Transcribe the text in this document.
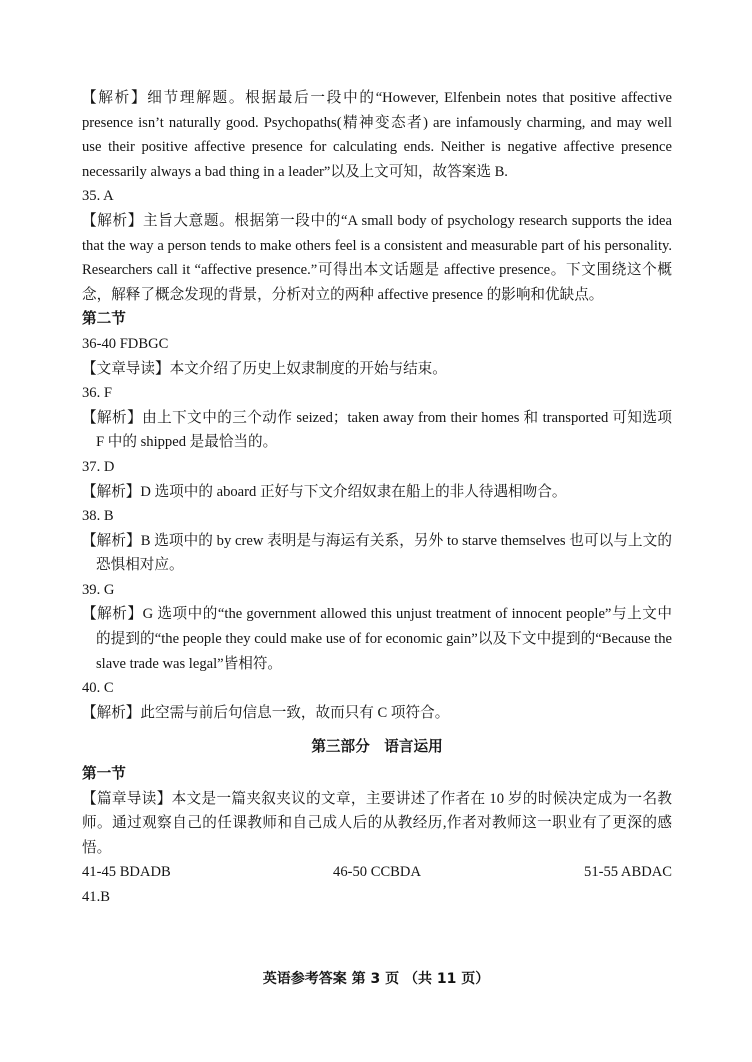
【解析】细节理解题。根据最后一段中的“However, Elfenbein notes that positive affective presence isn’t naturally good. Psychopaths(精神变态者) are infamously charming, and may well use their positive affective presence for calculating ends. Neither is negative affective presence necessarily always a bad thing in a leader”以及上文可知，故答案选 B.

35. A

【解析】主旨大意题。根据第一段中的“A small body of psychology research supports the idea that the way a person tends to make others feel is a consistent and measurable part of his personality. Researchers call it “affective presence.”可得出本文话题是 affective presence。下文围绕这个概念，解释了概念发现的背景，分析对立的两种 affective presence 的影响和优缺点。

第二节

36-40 FDBGC

【文章导读】本文介绍了历史上奴隶制度的开始与结束。

36. F

【解析】由上下文中的三个动作 seized；taken away from their homes 和 transported 可知选项 F 中的 shipped 是最恰当的。

37. D

【解析】D 选项中的 aboard 正好与下文介绍奴隶在船上的非人待遇相吻合。

38. B

【解析】B 选项中的 by crew 表明是与海运有关系，另外 to starve themselves 也可以与上文的恐惧相对应。

39. G

【解析】G 选项中的“the government allowed this unjust treatment of innocent people”与上文中的提到的“the people they could make use of for economic gain”以及下文中提到的“Because the slave trade was legal”皆相符。

40. C

【解析】此空需与前后句信息一致，故而只有 C 项符合。

第三部分　语言运用

第一节

【篇章导读】本文是一篇夹叙夹议的文章，主要讲述了作者在 10 岁的时候决定成为一名教师。通过观察自己的任课教师和自己成人后的从教经历,作者对教师这一职业有了更深的感悟。

41-45 BDADB	46-50 CCBDA	51-55 ABDAC

41.B

英语参考答案 第 3 页 （共 11 页）
